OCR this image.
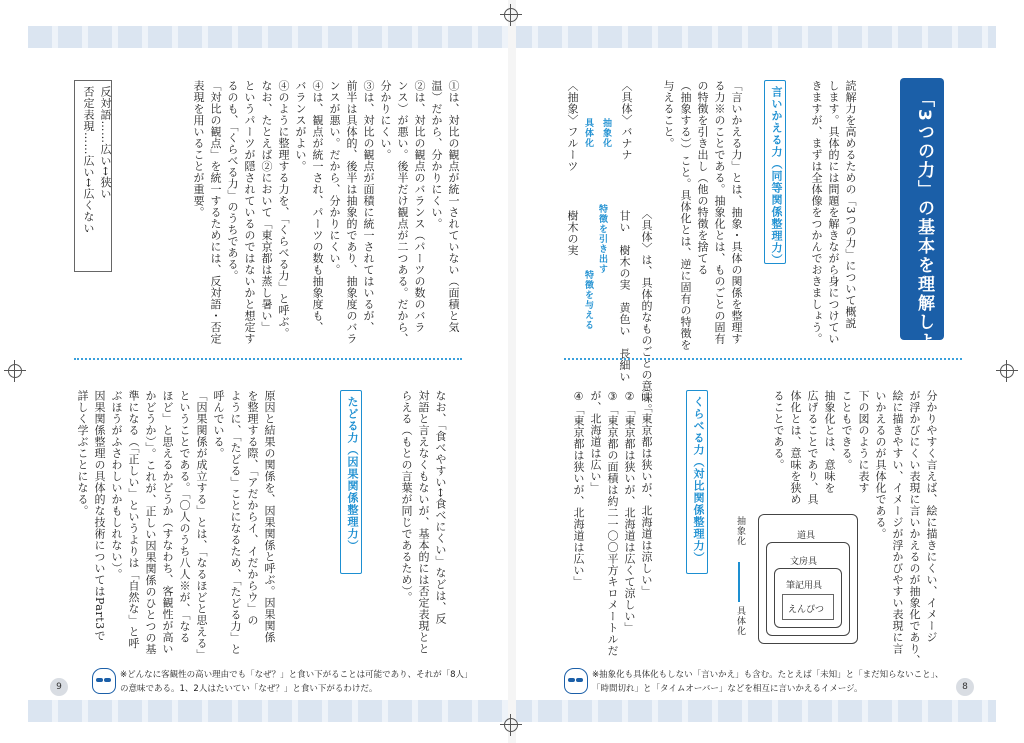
「3つの力」の基本を理解しよう
読解力を高めるための「3つの力」について概説
します。具体的には問題を解きながら身につけてい
きますが、まずは全体像をつかんでおきましょう。
言いかえる力（同等関係整理力）
「言いかえる力」とは、抽象・具体の関係を整理す
る力※のことである。抽象化とは、ものごとの固有
の特徴を引き出し（他の特徴を捨てる
（抽象する））こと。具体化とは、逆に固有の特徴を
与えること。
〈具体〉バナナ
〈抽象〉フルーツ 抽象化
具体化
〈具体〉は、具体的なものごとの意味。
甘い　樹木の実　黄色い　長細い
樹木の実 特徴を引き出す
特徴を与える
分かりやすく言えば、絵に描きにくい、イメージ
が浮かびにくい表現に言いかえるのが抽象化であり、
絵に描きやすい、イメージが浮かびやすい表現に言
いかえるのが具体化である。
下の図のように表す
こともできる。
抽象化とは、意味を
広げることであり、具
体化とは、意味を狭め
ることである。
くらべる力（対比関係整理力）
①「東京都は狭いが、北海道は涼しい」
②「東京都は狭いが、北海道は広くて涼しい」
③「東京都の面積は約二一〇〇平方キロメートルだ
が、北海道は広い」
④「東京都は狭いが、北海道は広い」	道具
文房具
筆記用具
えんぴつ
抽象化
具体化
※抽象化も具体化もしない「言いかえ」も含む。たとえば「未知」と「まだ知らないこと」、
「時間切れ」と「タイムオーバー」などを相互に言いかえるイメージ。	8
①は、対比の観点が統一されていない（面積と気
温）だから、分かりにくい。
②は、対比の観点のバランス（パーツの数のバラ
ンス）が悪い。後半だけ観点が二つある。だから、
分かりにくい。
③は、対比の観点が面積に統一されてはいるが、
前半は具体的、後半は抽象的であり、抽象度のバラ
ンスが悪い。だから、分かりにくい。
④は、観点が統一され、パーツの数も抽象度も、
バランスがよい。
④のように整理する力を、「くらべる力」と呼ぶ。
なお、たとえば②において「東京都は蒸し暑い」
というパーツが隠されているのではないかと想定す
るのも、「くらべる力」のうちである。
「対比の観点」を統一するためには、反対語・否定
表現を用いることが重要。
反対語……広い↔狭い
否定表現……広い↔広くない
なお、「食べやすい↔食べにくい」などは、反
対語と言えなくもないが、基本的には否定表現とと
らえる（もとの言葉が同じであるため）。
たどる力（因果関係整理力）
原因と結果の関係を、因果関係と呼ぶ。因果関係
を整理する際、「アだからイ、イだからウ」の
ように、「たどる」ことになるため、「たどる力」と
呼んでいる。
「因果関係が成立する」とは、「なるほどと思える」
ということである。「〇人のうち八人※が、「なる
ほど」と思えるかどうか（すなわち、客観性が高い
かどうか）」。これが、正しい因果関係のひとつの基
準になる（「正しい」というよりは「自然な」と呼
ぶほうがふさわしいかもしれない）。
因果関係整理の具体的な技術についてはPart3で
詳しく学ぶことになる。
※どんなに客観性の高い理由でも「なぜ？」と食い下がることは可能であり、それが「8人」
の意味である。1、2人はたいてい「なぜ？」と食い下がるわけだ。
9
